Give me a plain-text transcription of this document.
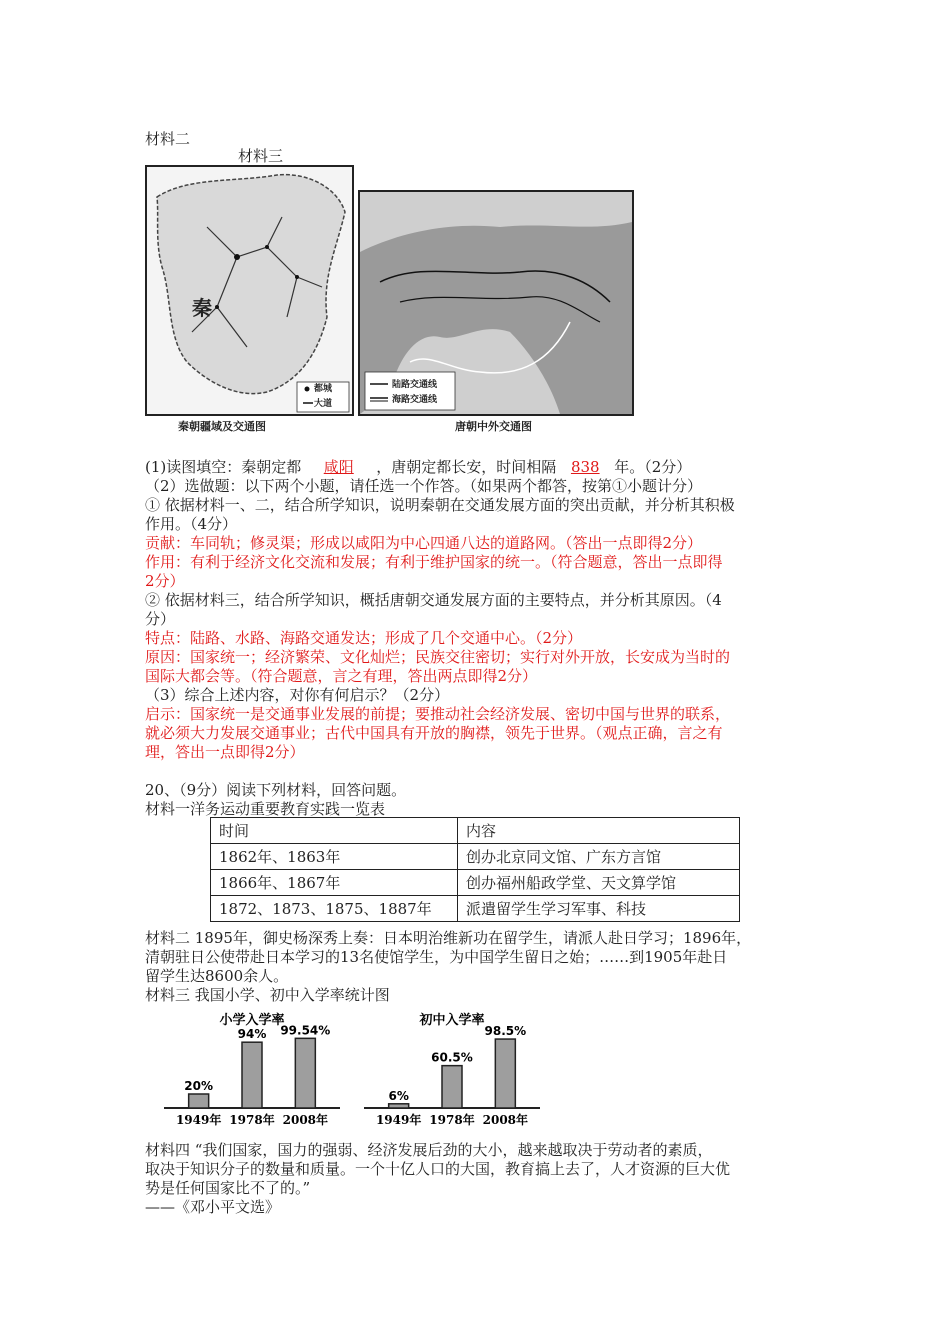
材料二
材料三
秦
都城
大道
秦朝疆域及交通图
陆路交通线
海路交通线
唐朝中外交通图
(1)读图填空：秦朝定都 咸阳 ，唐朝定都长安，时间相隔 838 年。（2分）
（2）选做题：以下两个小题，请任选一个作答。（如果两个都答，按第①小题计分）
① 依据材料一、二，结合所学知识，说明秦朝在交通发展方面的突出贡献，并分析其积极
作用。（4分）
贡献：车同轨；修灵渠；形成以咸阳为中心四通八达的道路网。（答出一点即得2分）
作用：有利于经济文化交流和发展；有利于维护国家的统一。（符合题意，答出一点即得
2分）
② 依据材料三，结合所学知识，概括唐朝交通发展方面的主要特点，并分析其原因。（4
分）
特点：陆路、水路、海路交通发达；形成了几个交通中心。（2分）
原因：国家统一；经济繁荣、文化灿烂；民族交往密切；实行对外开放，长安成为当时的
国际大都会等。（符合题意，言之有理，答出两点即得2分）
（3）综合上述内容，对你有何启示？（2分）
启示：国家统一是交通事业发展的前提；要推动社会经济发展、密切中国与世界的联系，
就必须大力发展交通事业；古代中国具有开放的胸襟，领先于世界。（观点正确，言之有
理，答出一点即得2分）
20、（9分）阅读下列材料，回答问题。
材料一洋务运动重要教育实践一览表
时间	内容
1862年、1863年	创办北京同文馆、广东方言馆
1866年、1867年	创办福州船政学堂、天文算学馆
1872、1873、1875、1887年	派遣留学生学习军事、科技
材料二 1895年，御史杨深秀上奏：日本明治维新功在留学生，请派人赴日学习；1896年，
清朝驻日公使带赴日本学习的13名使馆学生，为中国学生留日之始；……到1905年赴日
留学生达8600余人。
材料三 我国小学、初中入学率统计图
小学入学率
20%
1949年
94%
1978年
99.54%
2008年
初中入学率
6%
1949年
60.5%
1978年
98.5%
2008年
材料四 “我们国家，国力的强弱、经济发展后劲的大小，越来越取决于劳动者的素质，
取决于知识分子的数量和质量。一个十亿人口的大国，教育搞上去了，人才资源的巨大优
势是任何国家比不了的。”
——《邓小平文选》
